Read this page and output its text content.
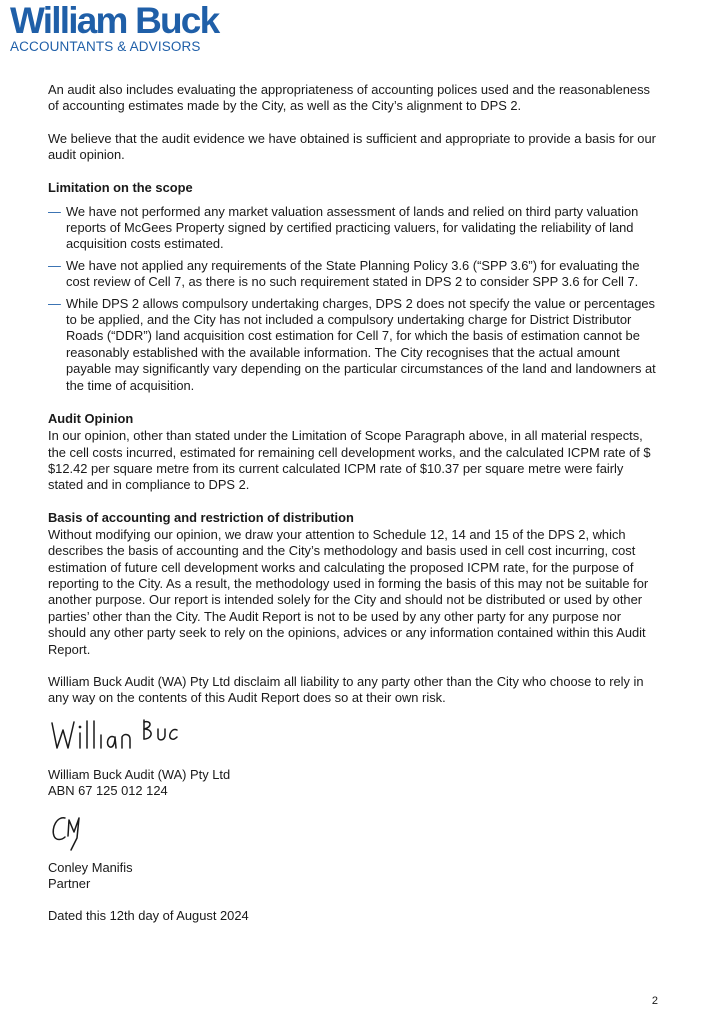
William Buck
ACCOUNTANTS & ADVISORS

An audit also includes evaluating the appropriateness of accounting polices used and the reasonableness of accounting estimates made by the City, as well as the City’s alignment to DPS 2.

We believe that the audit evidence we have obtained is sufficient and appropriate to provide a basis for our audit opinion.

Limitation on the scope
— We have not performed any market valuation assessment of lands and relied on third party valuation reports of McGees Property signed by certified practicing valuers, for validating the reliability of land acquisition costs estimated.
— We have not applied any requirements of the State Planning Policy 3.6 (“SPP 3.6”) for evaluating the cost review of Cell 7, as there is no such requirement stated in DPS 2 to consider SPP 3.6 for Cell 7.
— While DPS 2 allows compulsory undertaking charges, DPS 2 does not specify the value or percentages to be applied, and the City has not included a compulsory undertaking charge for District Distributor Roads (“DDR”) land acquisition cost estimation for Cell 7, for which the basis of estimation cannot be reasonably established with the available information. The City recognises that the actual amount payable may significantly vary depending on the particular circumstances of the land and landowners at the time of acquisition.
Audit Opinion

In our opinion, other than stated under the Limitation of Scope Paragraph above, in all material respects, the cell costs incurred, estimated for remaining cell development works, and the calculated ICPM rate of $ $12.42 per square metre from its current calculated ICPM rate of $10.37 per square metre were fairly stated and in compliance to DPS 2.

Basis of accounting and restriction of distribution

Without modifying our opinion, we draw your attention to Schedule 12, 14 and 15 of the DPS 2, which describes the basis of accounting and the City’s methodology and basis used in cell cost incurring, cost estimation of future cell development works and calculating the proposed ICPM rate, for the purpose of reporting to the City. As a result, the methodology used in forming the basis of this may not be suitable for another purpose. Our report is intended solely for the City and should not be distributed or used by other parties’ other than the City. The Audit Report is not to be used by any other party for any purpose nor should any other party seek to rely on the opinions, advices or any information contained within this Audit Report.

William Buck Audit (WA) Pty Ltd disclaim all liability to any party other than the City who choose to rely in any way on the contents of this Audit Report does so at their own risk.

William Buck Audit (WA) Pty Ltd

ABN 67 125 012 124

Conley Manifis

Partner

Dated this 12th day of August 2024

2
